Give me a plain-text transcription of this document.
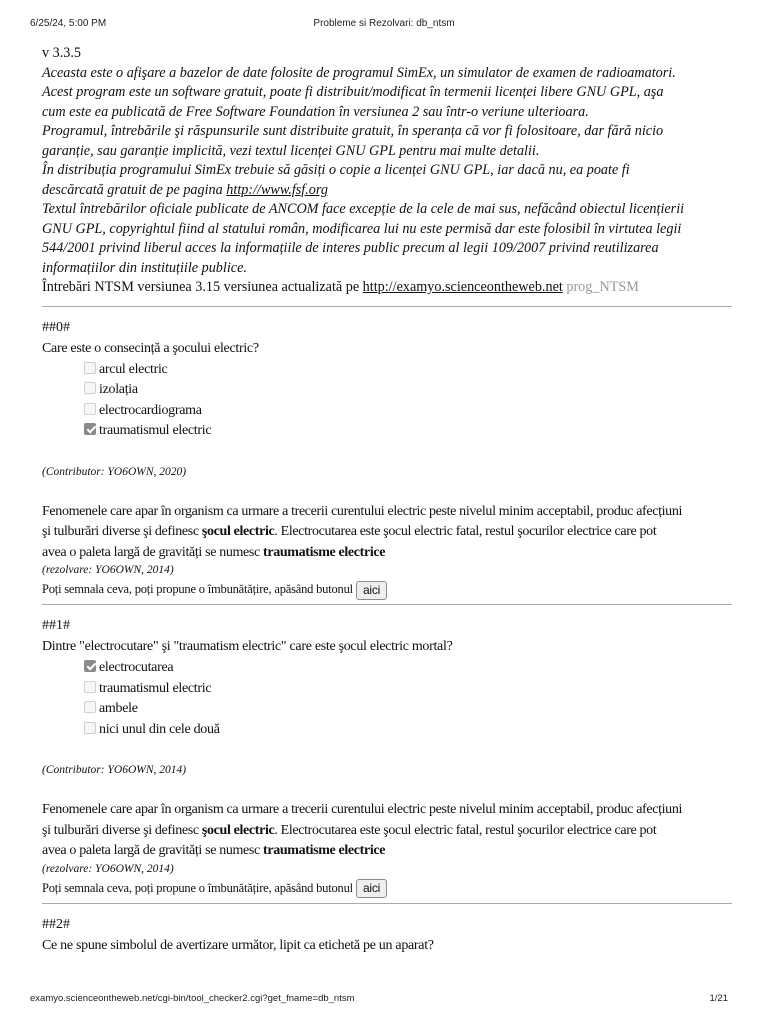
6/25/24, 5:00 PM	Probleme si Rezolvari: db_ntsm
v 3.3.5
Aceasta este o afişare a bazelor de date folosite de programul SimEx, un simulator de examen de radioamatori.
Acest program este un software gratuit, poate fi distribuit/modificat în termenii licenței libere GNU GPL, aşa
cum este ea publicată de Free Software Foundation în versiunea 2 sau într-o veriune ulterioara.
Programul, întrebările şi răspunsurile sunt distribuite gratuit, în speranța că vor fi folositoare, dar fără nicio
garanție, sau garanție implicită, vezi textul licenței GNU GPL pentru mai multe detalii.
În distribuția programului SimEx trebuie să găsiți o copie a licenței GNU GPL, iar dacă nu, ea poate fi
descărcată gratuit de pe pagina http://www.fsf.org
Textul întrebărilor oficiale publicate de ANCOM face excepție de la cele de mai sus, nefăcând obiectul licențierii
GNU GPL, copyrightul fiind al statului român, modificarea lui nu este permisă dar este folosibil în virtutea legii
544/2001 privind liberul acces la informațiile de interes public precum al legii 109/2007 privind reutilizarea
informațiilor din instituțiile publice.
Întrebări NTSM versiunea 3.15 versiunea actualizată pe http://examyo.scienceontheweb.net prog_NTSM
##0#
Care este o consecință a şocului electric?
arcul electric
izolația
electrocardiograma
traumatismul electric
(Contributor: YO6OWN, 2020)
Fenomenele care apar în organism ca urmare a trecerii curentului electric peste nivelul minim acceptabil, produc afecțiuni
şi tulburări diverse şi definesc şocul electric. Electrocutarea este şocul electric fatal, restul şocurilor electrice care pot
avea o paleta largă de gravități se numesc traumatisme electrice
(rezolvare: YO6OWN, 2014)
Poți semnala ceva, poți propune o îmbunătățire, apăsând butonul aici
##1#
Dintre "electrocutare" şi "traumatism electric" care este şocul electric mortal?
electrocutarea
traumatismul electric
ambele
nici unul din cele două
(Contributor: YO6OWN, 2014)
Fenomenele care apar în organism ca urmare a trecerii curentului electric peste nivelul minim acceptabil, produc afecțiuni
şi tulburări diverse şi definesc şocul electric. Electrocutarea este şocul electric fatal, restul şocurilor electrice care pot
avea o paleta largă de gravități se numesc traumatisme electrice
(rezolvare: YO6OWN, 2014)
Poți semnala ceva, poți propune o îmbunătățire, apăsând butonul aici
##2#
Ce ne spune simbolul de avertizare următor, lipit ca etichetă pe un aparat?
examyo.scienceontheweb.net/cgi-bin/tool_checker2.cgi?get_fname=db_ntsm	1/21
